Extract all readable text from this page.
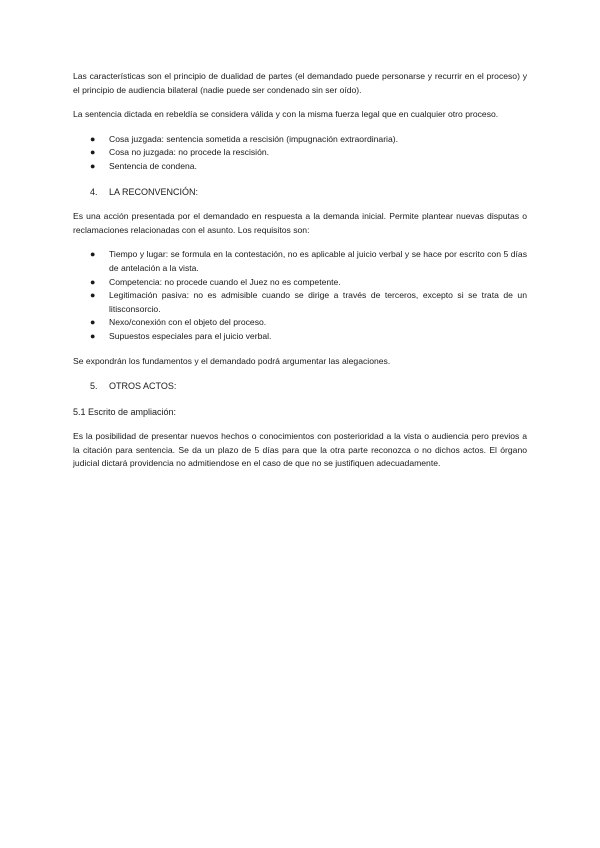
Las características son el principio de dualidad de partes (el demandado puede personarse y recurrir en el proceso) y el principio de audiencia bilateral (nadie puede ser condenado sin ser oído).

La sentencia dictada en rebeldía se considera válida y con la misma fuerza legal que en cualquier otro proceso.

● Cosa juzgada: sentencia sometida a rescisión (impugnación extraordinaria).
● Cosa no juzgada: no procede la rescisión.
● Sentencia de condena.
4. LA RECONVENCIÓN:

Es una acción presentada por el demandado en respuesta a la demanda inicial. Permite plantear nuevas disputas o reclamaciones relacionadas con el asunto. Los requisitos son:

● Tiempo y lugar: se formula en la contestación, no es aplicable al juicio verbal y se hace por escrito con 5 días de antelación a la vista.
● Competencia: no procede cuando el Juez no es competente.
● Legitimación pasiva: no es admisible cuando se dirige a través de terceros, excepto si se trata de un litisconsorcio.
● Nexo/conexión con el objeto del proceso.
● Supuestos especiales para el juicio verbal.

Se expondrán los fundamentos y el demandado podrá argumentar las alegaciones.

5. OTROS ACTOS:
5.1 Escrito de ampliación:

Es la posibilidad de presentar nuevos hechos o conocimientos con posterioridad a la vista o audiencia pero previos a la citación para sentencia. Se da un plazo de 5 días para que la otra parte reconozca o no dichos actos. El órgano judicial dictará providencia no admitiendose en el caso de que no se justifiquen adecuadamente.
